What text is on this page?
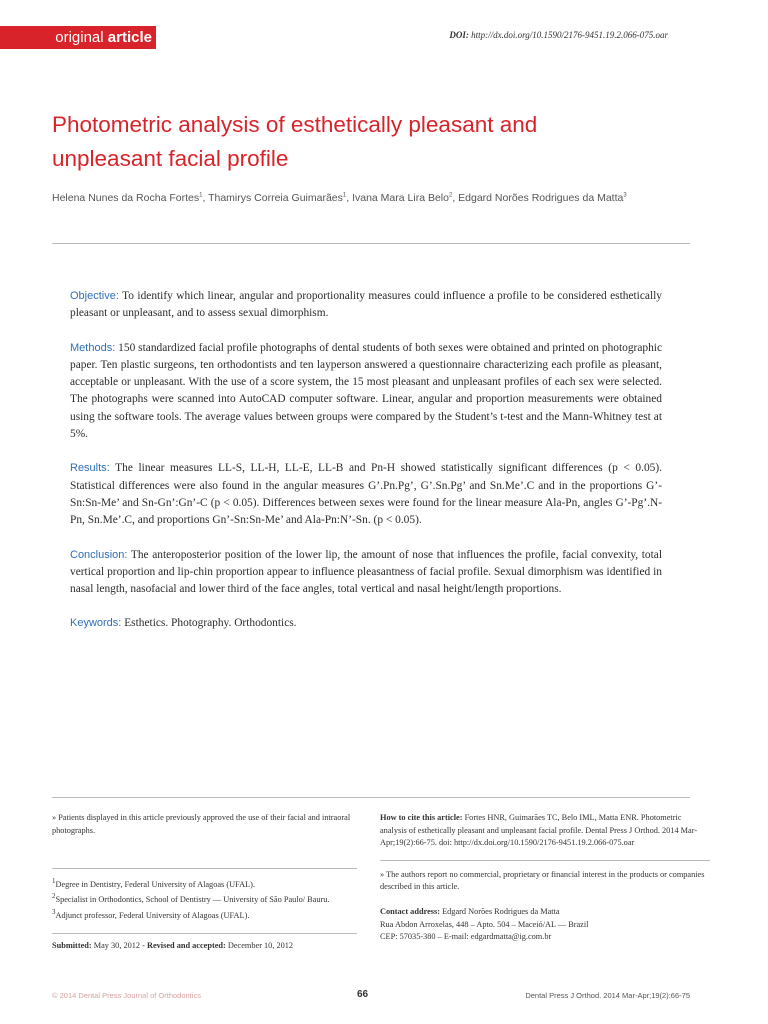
original article	DOI: http://dx.doi.org/10.1590/2176-9451.19.2.066-075.oar
Photometric analysis of esthetically pleasant and
unpleasant facial profile
Helena Nunes da Rocha Fortes$^1$, Thamirys Correia Guimarães$^1$, Ivana Mara Lira Belo$^2$, Edgard Norões Rodrigues da Matta$^3$

Objective: To identify which linear, angular and proportionality measures could influence a profile to be considered esthetically pleasant or unpleasant, and to assess sexual dimorphism.

Methods: 150 standardized facial profile photographs of dental students of both sexes were obtained and printed on photographic paper. Ten plastic surgeons, ten orthodontists and ten layperson answered a questionnaire characterizing each profile as pleasant, acceptable or unpleasant. With the use of a score system, the 15 most pleasant and unpleasant profiles of each sex were selected. The photographs were scanned into AutoCAD computer software. Linear, angular and proportion measurements were obtained using the software tools. The average values between groups were compared by the Student’s t-test and the Mann-Whitney test at 5%.

Results: The linear measures LL-S, LL-H, LL-E, LL-B and Pn-H showed statistically significant differences (p < 0.05). Statistical differences were also found in the angular measures G’.Pn.Pg’, G’.Sn.Pg’ and Sn.Me’.C and in the proportions G’-Sn:Sn-Me’ and Sn-Gn’:Gn’-C (p < 0.05). Differences between sexes were found for the linear measure Ala-Pn, angles G’-Pg’.N-Pn, Sn.Me’.C, and proportions Gn’-Sn:Sn-Me’ and Ala-Pn:N’-Sn. (p < 0.05).

Conclusion: The anteroposterior position of the lower lip, the amount of nose that influences the profile, facial convexity, total vertical proportion and lip-chin proportion appear to influence pleasantness of facial profile. Sexual dimorphism was identified in nasal length, nasofacial and lower third of the face angles, total vertical and nasal height/length proportions.

Keywords: Esthetics. Photography. Orthodontics.

» Patients displayed in this article previously approved the use of their facial and intraoral photographs.

$^1$Degree in Dentistry, Federal University of Alagoas (UFAL).
$^2$Specialist in Orthodontics, School of Dentistry — University of São Paulo/ Bauru.
$^3$Adjunct professor, Federal University of Alagoas (UFAL).
Submitted: May 30, 2012 - Revised and accepted: December 10, 2012

How to cite this article: Fortes HNR, Guimarães TC, Belo IML, Matta ENR. Photometric analysis of esthetically pleasant and unpleasant facial profile. Dental Press J Orthod. 2014 Mar-Apr;19(2):66-75. doi: http://dx.doi.org/10.1590/2176-9451.19.2.066-075.oar

» The authors report no commercial, proprietary or financial interest in the products or companies described in this article.

Contact address: Edgard Norões Rodrigues da Matta
Rua Abdon Arroxelas, 448 – Apto. 504 – Maceió/AL — Brazil
CEP: 57035-380 – E-mail: edgardmatta@ig.com.br

© 2014 Dental Press Journal of Orthodontics	66	Dental Press J Orthod. 2014 Mar-Apr;19(2):66-75
